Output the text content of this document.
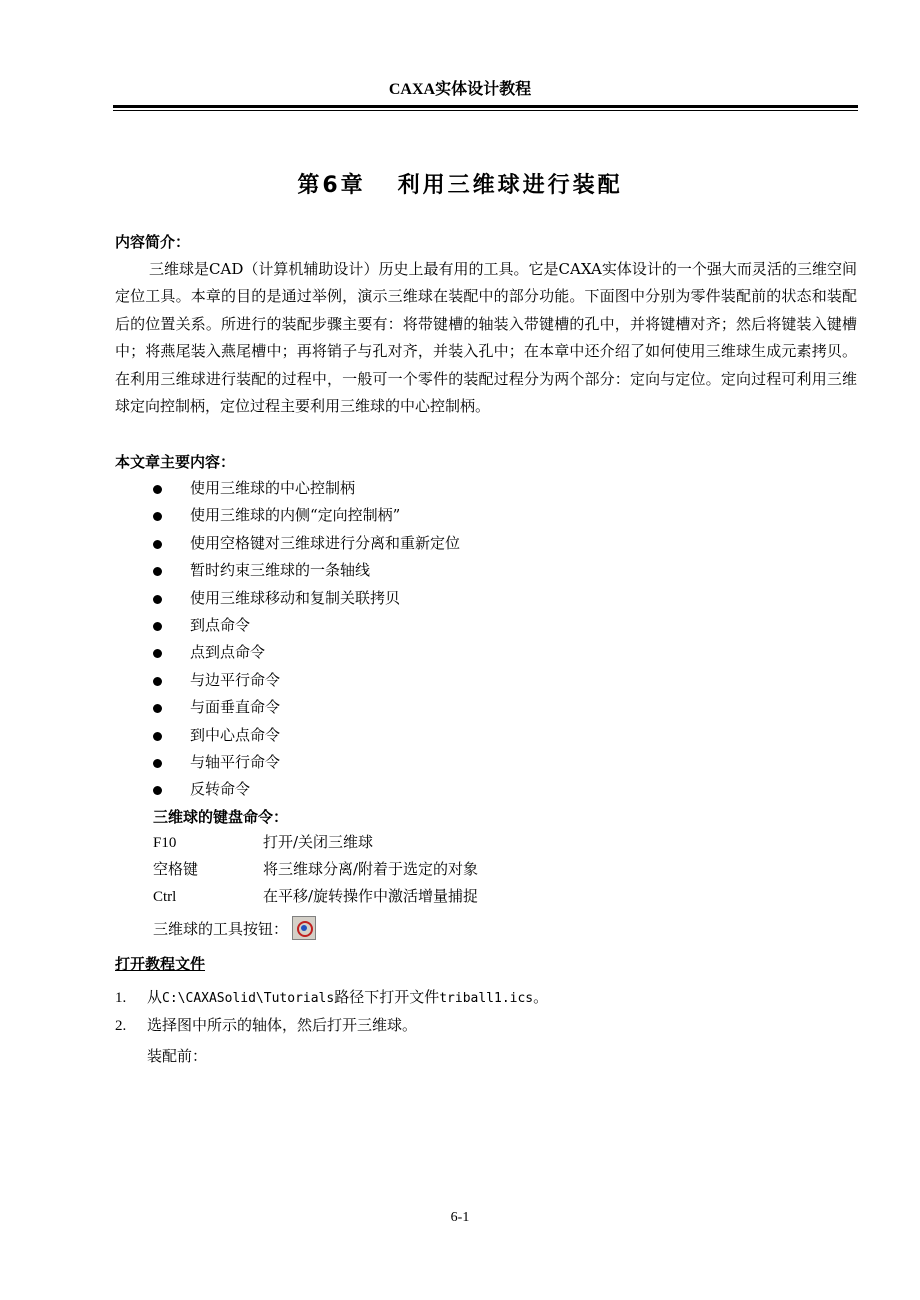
CAXA实体设计教程
第6章   利用三维球进行装配
内容简介：

三维球是CAD（计算机辅助设计）历史上最有用的工具。它是CAXA实体设计的一个强大而灵活的三维空间定位工具。本章的目的是通过举例，演示三维球在装配中的部分功能。下面图中分别为零件装配前的状态和装配后的位置关系。所进行的装配步骤主要有：将带键槽的轴装入带键槽的孔中，并将键槽对齐；然后将键装入键槽中；将燕尾装入燕尾槽中；再将销子与孔对齐，并装入孔中；在本章中还介绍了如何使用三维球生成元素拷贝。在利用三维球进行装配的过程中，一般可一个零件的装配过程分为两个部分：定向与定位。定向过程可利用三维球定向控制柄，定位过程主要利用三维球的中心控制柄。

本文章主要内容：
使用三维球的中心控制柄
使用三维球的内侧“定向控制柄”
使用空格键对三维球进行分离和重新定位
暂时约束三维球的一条轴线
使用三维球移动和复制关联拷贝
到点命令
点到点命令
与边平行命令
与面垂直命令
到中心点命令
与轴平行命令
反转命令
三维球的键盘命令：
F10	打开/关闭三维球
空格键	将三维球分离/附着于选定的对象
Ctrl	在平移/旋转操作中激活增量捕捉
三维球的工具按钮：
打开教程文件
1. 从C:\CAXASolid\Tutorials路径下打开文件triball1.ics。
2. 选择图中所示的轴体，然后打开三维球。
装配前：
6-1
